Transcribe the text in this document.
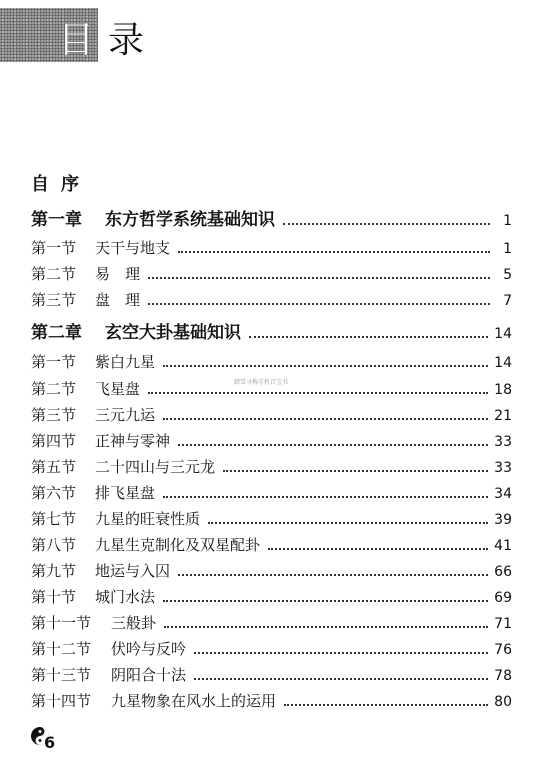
目录
自序
第一章	东方哲学系统基础知识	1
第一节	天干与地支	1
第二节	易　理	5
第三节	盘　理	7
第二章	玄空大卦基础知识	14
第一节	紫白九星	14
第二节	飞星盘	18
第三节	三元九运	21
第四节	正神与零神	33
第五节	二十四山与三元龙	33
第六节	排飞星盘	34
第七节	九星的旺衰性质	39
第八节	九星生克制化及双星配卦	41
第九节	地运与入囚	66
第十节	城门水法	69
第十一节	三般卦	71
第十二节	伏吟与反吟	76
第十三节	阴阳合十法	78
第十四节	九星物象在风水上的运用	80
踏雪寻梅手机百宝书
6
